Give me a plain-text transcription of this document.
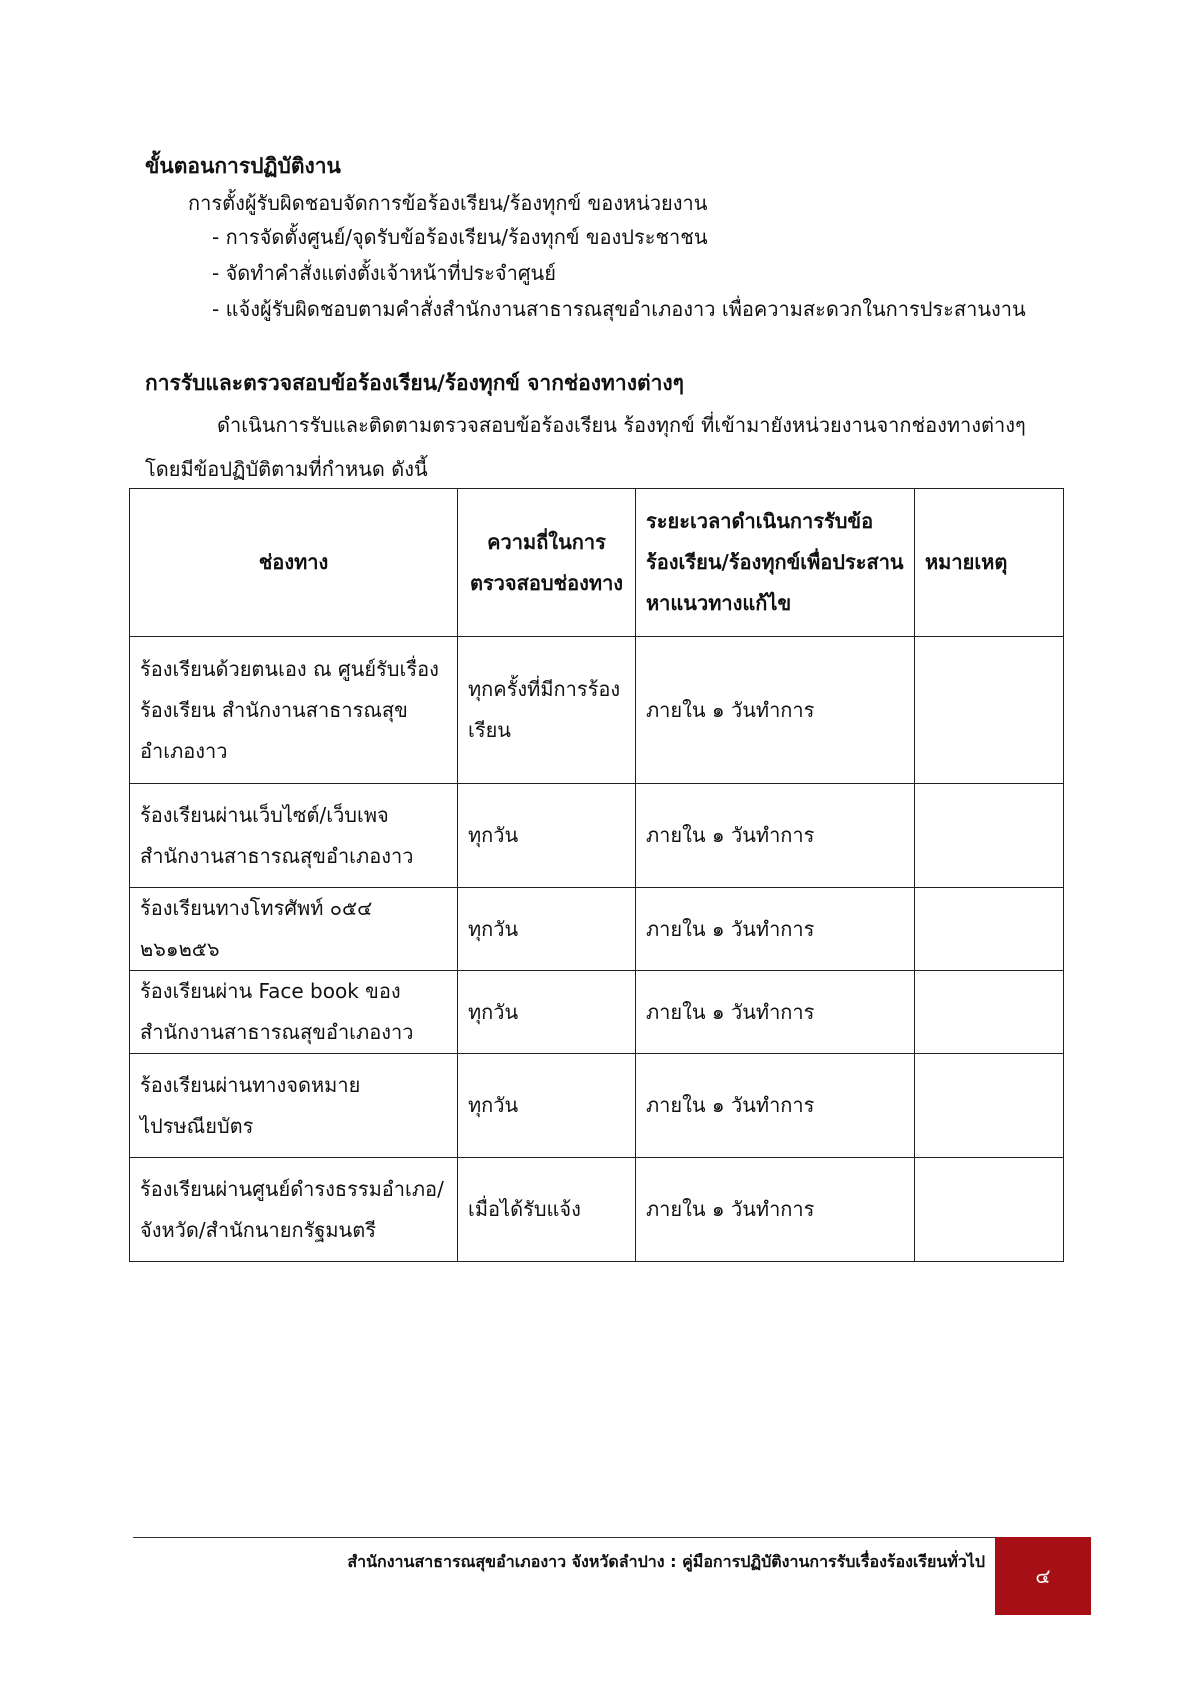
ขั้นตอนการปฏิบัติงาน

การตั้งผู้รับผิดชอบจัดการข้อร้องเรียน/ร้องทุกข์ ของหน่วยงาน

- การจัดตั้งศูนย์/จุดรับข้อร้องเรียน/ร้องทุกข์ ของประชาชน
- จัดทำคำสั่งแต่งตั้งเจ้าหน้าที่ประจำศูนย์
- แจ้งผู้รับผิดชอบตามคำสั่งสำนักงานสาธารณสุขอำเภองาว เพื่อความสะดวกในการประสานงาน
การรับและตรวจสอบข้อร้องเรียน/ร้องทุกข์ จากช่องทางต่างๆ

ดำเนินการรับและติดตามตรวจสอบข้อร้องเรียน ร้องทุกข์ ที่เข้ามายังหน่วยงานจากช่องทางต่างๆ โดยมีข้อปฏิบัติตามที่กำหนด ดังนี้

ช่องทาง	ความถี่ในการตรวจสอบช่องทาง	ระยะเวลาดำเนินการรับข้อร้องเรียน/ร้องทุกข์เพื่อประสานหาแนวทางแก้ไข	หมายเหตุ
ร้องเรียนด้วยตนเอง ณ ศูนย์รับเรื่องร้องเรียน สำนักงานสาธารณสุขอำเภองาว	ทุกครั้งที่มีการร้องเรียน	ภายใน ๑ วันทำการ	
ร้องเรียนผ่านเว็บไซต์/เว็บเพจ สำนักงานสาธารณสุขอำเภองาว	ทุกวัน	ภายใน ๑ วันทำการ	
ร้องเรียนทางโทรศัพท์ ๐๕๔ ๒๖๑๒๕๖	ทุกวัน	ภายใน ๑ วันทำการ	
ร้องเรียนผ่าน Face book ของสำนักงานสาธารณสุขอำเภองาว	ทุกวัน	ภายใน ๑ วันทำการ	
ร้องเรียนผ่านทางจดหมายไปรษณียบัตร	ทุกวัน	ภายใน ๑ วันทำการ	
ร้องเรียนผ่านศูนย์ดำรงธรรมอำเภอ/จังหวัด/สำนักนายกรัฐมนตรี	เมื่อได้รับแจ้ง	ภายใน ๑ วันทำการ	

สำนักงานสาธารณสุขอำเภองาว จังหวัดลำปาง : คู่มือการปฏิบัติงานการรับเรื่องร้องเรียนทั่วไป

๔
